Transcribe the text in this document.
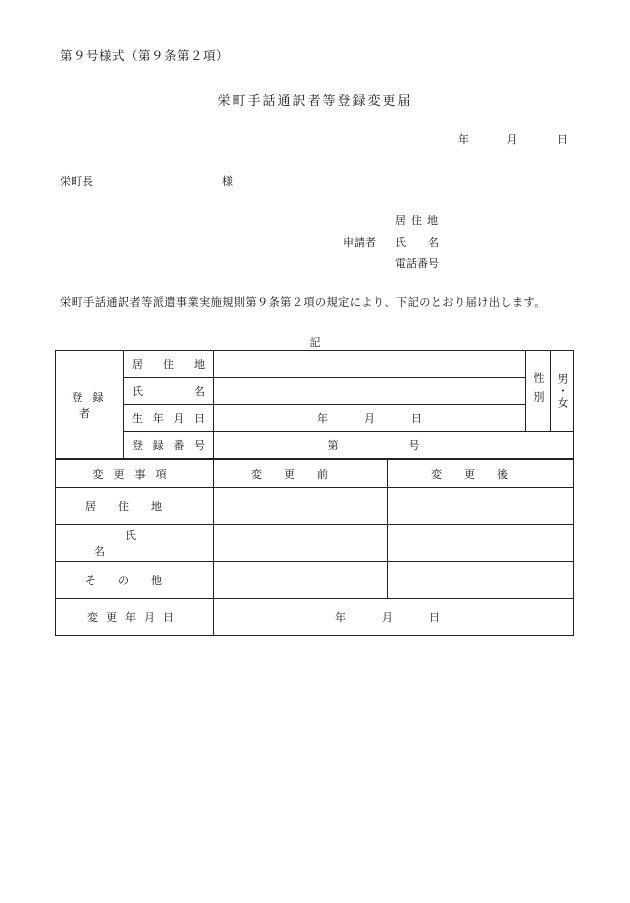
第９号様式（第９条第２項）
栄町手話通訳者等登録変更届
年	月	日
栄町長	様
居住地
申請者 氏　　名
電話番号
栄町手話通訳者等派遣事業実施規則第９条第２項の規定により、下記のとおり届け出します。
記
登録者	居住地		性別	男・女

	氏名			
	生年月日	年 月 日		
	登録番号	第 号		
変更事項	変更前	変更後
居住地		
氏名		
その他		
変更年月日	年 月 日	
